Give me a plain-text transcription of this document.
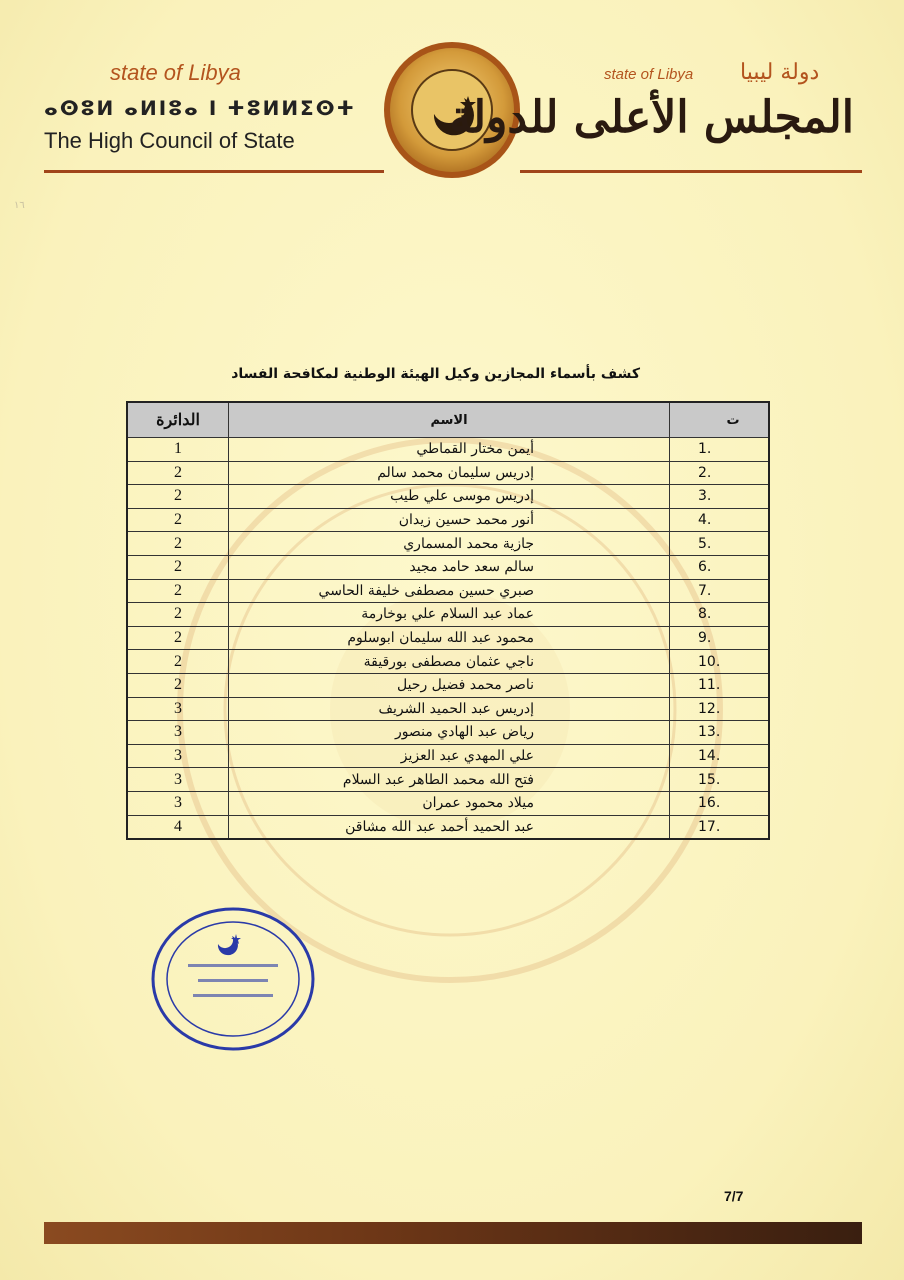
state of Libya
ⴰⵙⵓⵍ ⴰⵍⵏⵓⴰ ⵏ ⵜⵓⵍⵍⵉⵙⵜ
The High Council of State
state of Libya دولة ليبيا
المجلس الأعلى للدولة
١٦
كشف بأسماء المجازين وكيل الهيئة الوطنية لمكافحة الفساد
الدائرة	الاسم	ت
1	أيمن مختار القماطي	1.
2	إدريس سليمان محمد سالم	2.
2	إدريس موسى علي طيب	3.
2	أنور محمد حسين زيدان	4.
2	جازية محمد المسماري	5.
2	سالم سعد حامد مجيد	6.
2	صبري حسين مصطفى خليفة الحاسي	7.
2	عماد عبد السلام علي بوخارمة	8.
2	محمود عبد الله سليمان ابوسلوم	9.
2	ناجي عثمان مصطفى بورقيقة	10.
2	ناصر محمد فضيل رحيل	11.
3	إدريس عبد الحميد الشريف	12.
3	رياض عبد الهادي منصور	13.
3	علي المهدي عبد العزيز	14.
3	فتح الله محمد الطاهر عبد السلام	15.
3	ميلاد محمود عمران	16.
4	عبد الحميد أحمد عبد الله مشاقن	17.
7/7
